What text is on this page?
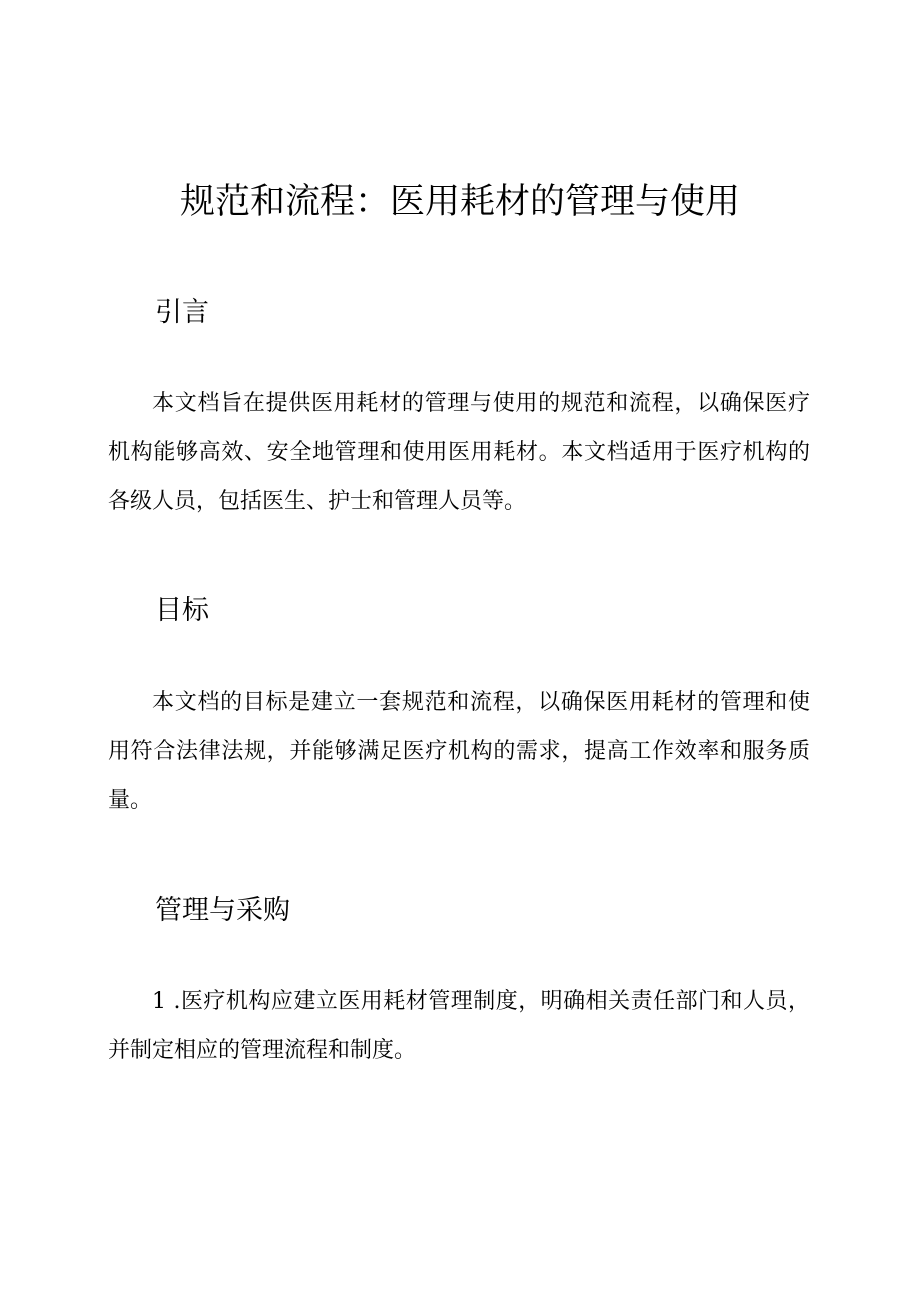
规范和流程：医用耗材的管理与使用
引言

本文档旨在提供医用耗材的管理与使用的规范和流程，以确保医疗机构能够高效、安全地管理和使用医用耗材。本文档适用于医疗机构的各级人员，包括医生、护士和管理人员等。

目标

本文档的目标是建立一套规范和流程，以确保医用耗材的管理和使用符合法律法规，并能够满足医疗机构的需求，提高工作效率和服务质量。

管理与采购

1 .医疗机构应建立医用耗材管理制度，明确相关责任部门和人员，并制定相应的管理流程和制度。
